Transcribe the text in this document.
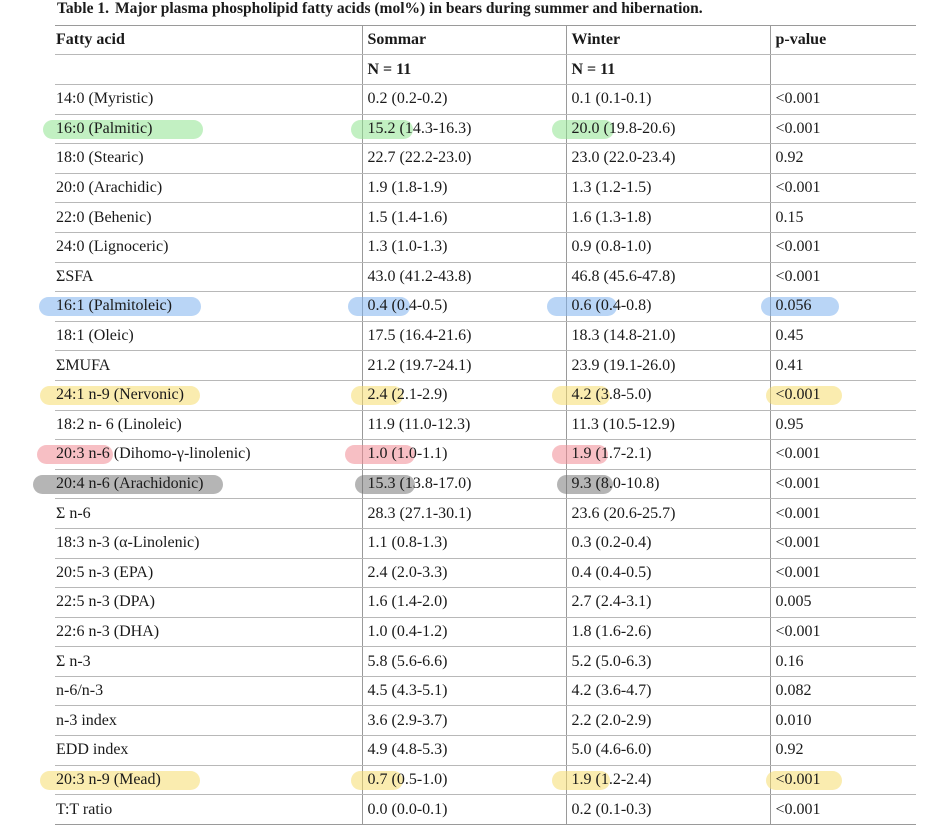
Table 1. Major plasma phospholipid fatty acids (mol%) in bears during summer and hibernation.
Fatty acid	Sommar	Winter	p-value
	N = 11	N = 11	
14:0 (Myristic)	0.2 (0.2-0.2)	0.1 (0.1-0.1)	<0.001

16:0 (Palmitic)	15.2 (14.3-16.3)	20.0 (19.8-20.6)	<0.001
18:0 (Stearic)	22.7 (22.2-23.0)	23.0 (22.0-23.4)	0.92
20:0 (Arachidic)	1.9 (1.8-1.9)	1.3 (1.2-1.5)	<0.001
22:0 (Behenic)	1.5 (1.4-1.6)	1.6 (1.3-1.8)	0.15
24:0 (Lignoceric)	1.3 (1.0-1.3)	0.9 (0.8-1.0)	<0.001
ΣSFA	43.0 (41.2-43.8)	46.8 (45.6-47.8)	<0.001

16:1 (Palmitoleic)	0.4 (0.4-0.5)	0.6 (0.4-0.8)	0.056
18:1 (Oleic)	17.5 (16.4-21.6)	18.3 (14.8-21.0)	0.45
ΣMUFA	21.2 (19.7-24.1)	23.9 (19.1-26.0)	0.41

24:1 n-9 (Nervonic)	2.4 (2.1-2.9)	4.2 (3.8-5.0)	<0.001
18:2 n- 6 (Linoleic)	11.9 (11.0-12.3)	11.3 (10.5-12.9)	0.95

20:3 n-6 (Dihomo-γ-linolenic)	1.0 (1.0-1.1)	1.9 (1.7-2.1)	<0.001

20:4 n-6 (Arachidonic)	15.3 (13.8-17.0)	9.3 (8.0-10.8)	<0.001
Σ n-6	28.3 (27.1-30.1)	23.6 (20.6-25.7)	<0.001
18:3 n-3 (α-Linolenic)	1.1 (0.8-1.3)	0.3 (0.2-0.4)	<0.001
20:5 n-3 (EPA)	2.4 (2.0-3.3)	0.4 (0.4-0.5)	<0.001
22:5 n-3 (DPA)	1.6 (1.4-2.0)	2.7 (2.4-3.1)	0.005
22:6 n-3 (DHA)	1.0 (0.4-1.2)	1.8 (1.6-2.6)	<0.001
Σ n-3	5.8 (5.6-6.6)	5.2 (5.0-6.3)	0.16
n-6/n-3	4.5 (4.3-5.1)	4.2 (3.6-4.7)	0.082
n-3 index	3.6 (2.9-3.7)	2.2 (2.0-2.9)	0.010
EDD index	4.9 (4.8-5.3)	5.0 (4.6-6.0)	0.92

20:3 n-9 (Mead)	0.7 (0.5-1.0)	1.9 (1.2-2.4)	<0.001
T:T ratio	0.0 (0.0-0.1)	0.2 (0.1-0.3)	<0.001
